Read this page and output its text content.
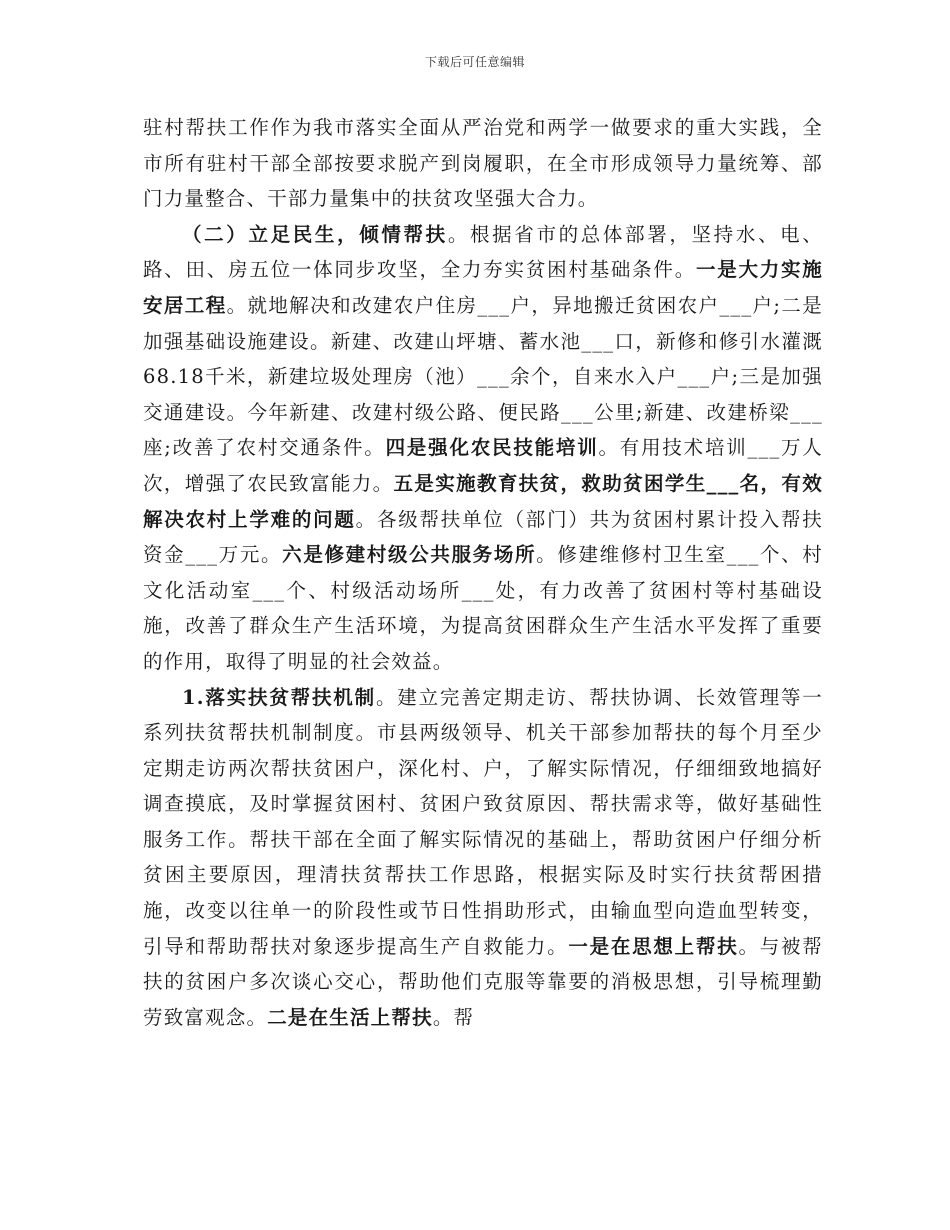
下载后可任意编辑

驻村帮扶工作作为我市落实全面从严治党和两学一做要求的重大实践，全市所有驻村干部全部按要求脱产到岗履职，在全市形成领导力量统筹、部门力量整合、干部力量集中的扶贫攻坚强大合力。

（二）立足民生，倾情帮扶。根据省市的总体部署，坚持水、电、路、田、房五位一体同步攻坚，全力夯实贫困村基础条件。一是大力实施安居工程。就地解决和改建农户住房___户，异地搬迁贫困农户___户;二是加强基础设施建设。新建、改建山坪塘、蓄水池___口，新修和修引水灌溉68.18千米，新建垃圾处理房（池）___余个，自来水入户___户;三是加强交通建设。今年新建、改建村级公路、便民路___公里;新建、改建桥梁___座;改善了农村交通条件。四是强化农民技能培训。有用技术培训___万人次，增强了农民致富能力。五是实施教育扶贫，救助贫困学生___名，有效解决农村上学难的问题。各级帮扶单位（部门）共为贫困村累计投入帮扶资金___万元。六是修建村级公共服务场所。修建维修村卫生室___个、村文化活动室___个、村级活动场所___处，有力改善了贫困村等村基础设施，改善了群众生产生活环境，为提高贫困群众生产生活水平发挥了重要的作用，取得了明显的社会效益。

1.落实扶贫帮扶机制。建立完善定期走访、帮扶协调、长效管理等一系列扶贫帮扶机制制度。市县两级领导、机关干部参加帮扶的每个月至少定期走访两次帮扶贫困户，深化村、户，了解实际情况，仔细细致地搞好调查摸底，及时掌握贫困村、贫困户致贫原因、帮扶需求等，做好基础性服务工作。帮扶干部在全面了解实际情况的基础上，帮助贫困户仔细分析贫困主要原因，理清扶贫帮扶工作思路，根据实际及时实行扶贫帮困措施，改变以往单一的阶段性或节日性捐助形式，由输血型向造血型转变，引导和帮助帮扶对象逐步提高生产自救能力。一是在思想上帮扶。与被帮扶的贫困户多次谈心交心，帮助他们克服等靠要的消极思想，引导梳理勤劳致富观念。二是在生活上帮扶。帮
